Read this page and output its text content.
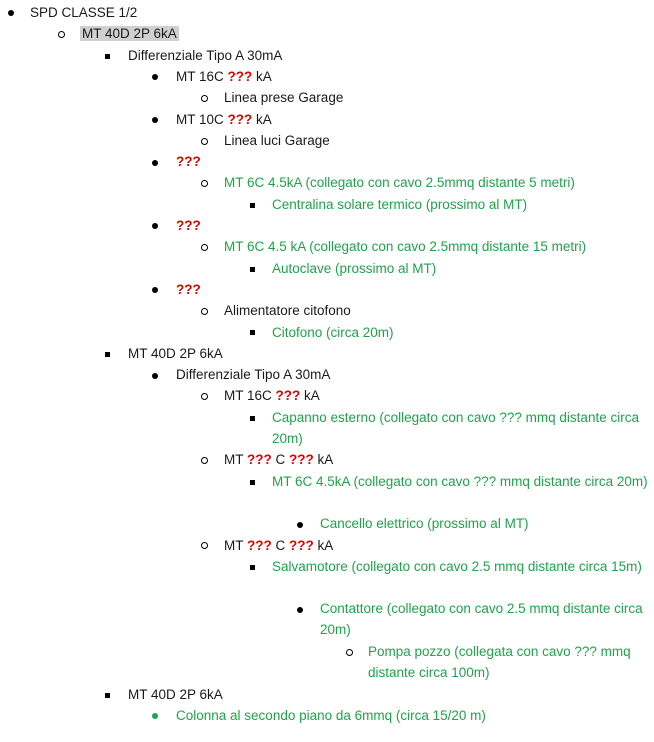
SPD CLASSE 1/2
MT 40D 2P 6kA
Differenziale Tipo A 30mA
MT 16C ??? kA
Linea prese Garage
MT 10C ??? kA
Linea luci Garage
???
MT 6C 4.5kA (collegato con cavo 2.5mmq distante 5 metri)
Centralina solare termico (prossimo al MT)
???
MT 6C 4.5 kA (collegato con cavo 2.5mmq distante 15 metri)
Autoclave (prossimo al MT)
???
Alimentatore citofono
Citofono (circa 20m)
MT 40D 2P 6kA
Differenziale Tipo A 30mA
MT 16C ??? kA
Capanno esterno (collegato con cavo ??? mmq distante circa 20m)
MT ??? C ??? kA
MT 6C 4.5kA (collegato con cavo ??? mmq distante circa 20m)
Cancello elettrico (prossimo al MT)
MT ??? C ??? kA
Salvamotore (collegato con cavo 2.5 mmq distante circa 15m)
Contattore (collegato con cavo 2.5 mmq distante circa 20m)
Pompa pozzo (collegata con cavo ??? mmq distante circa 100m)
MT 40D 2P 6kA
Colonna al secondo piano da 6mmq (circa 15/20 m)
